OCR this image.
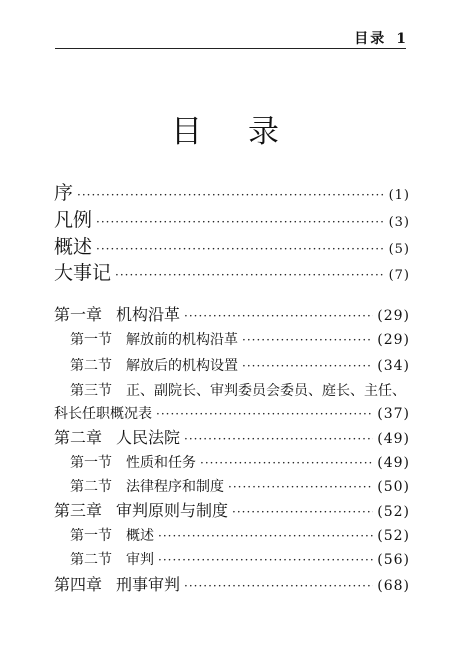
目录 1
目 录
序 ·····	(1)
凡例 ·····	(3)
概述 ·····	(5)
大事记 ·····	(7)
第一章 机构沿革 ·····	(29)
第一节 解放前的机构沿革 ·····	(29)
第二节 解放后的机构设置 ·····	(34)
第三节 正、副院长、审判委员会委员、庭长、主任、
科长任职概况表 ·····	(37)
第二章 人民法院 ·····	(49)
第一节 性质和任务 ·····	(49)
第二节 法律程序和制度 ·····	(50)
第三章 审判原则与制度 ·····	(52)
第一节 概述 ·····	(52)
第二节 审判 ·····	(56)
第四章 刑事审判 ·····	(68)
